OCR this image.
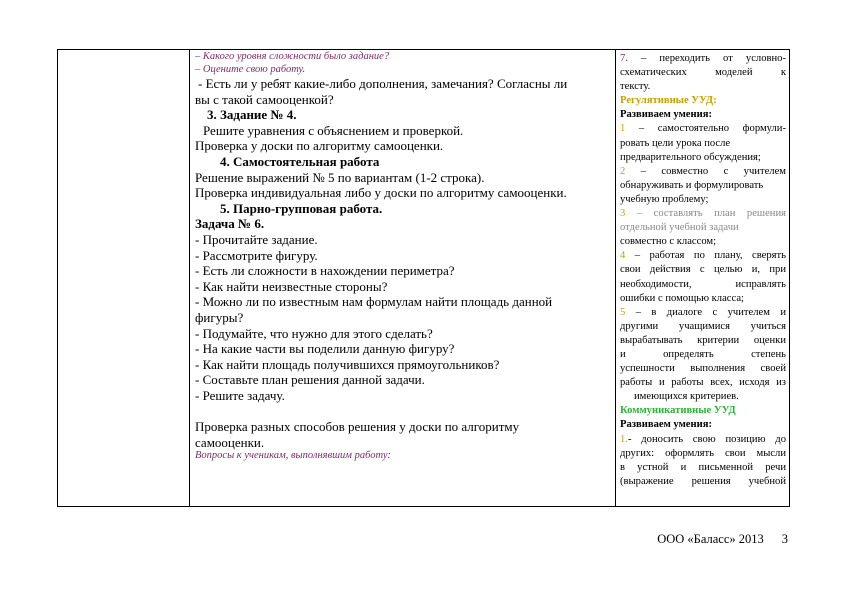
– Какого уровня сложности было задание?
– Оцените свою работу.
- Есть ли у ребят какие-либо дополнения, замечания? Согласны ли
вы с такой самооценкой?
3. Задание № 4.
Решите уравнения с объяснением и проверкой.
Проверка у доски по алгоритму самооценки.
4. Самостоятельная работа
Решение выражений № 5 по вариантам (1-2 строка).
Проверка индивидуальная либо у доски по алгоритму самооценки.
5. Парно-групповая работа.
Задача № 6.
- Прочитайте задание.
- Рассмотрите фигуру.
- Есть ли сложности в нахождении периметра?
- Как найти неизвестные стороны?
- Можно ли по известным нам формулам найти площадь данной
фигуры?
- Подумайте, что нужно для этого сделать?
- На какие части вы поделили данную фигуру?
- Как найти площадь получившихся прямоугольников?
- Составьте план решения данной задачи.
- Решите задачу.
Проверка разных способов решения у доски по алгоритму
самооценки.
Вопросы к ученикам, выполнявшим работу:
7. – переходить от условно-
схематических моделей к
тексту.
Регулятивные УУД:
Развиваем умения:
1 – самостоятельно формули-
ровать цели урока после
предварительного обсуждения;
2 – совместно с учителем
обнаруживать и формулировать
учебную проблему;
3 – составлять план решения
отдельной учебной задачи
совместно с классом;
4 – работая по плану, сверять
свои действия с целью и, при
необходимости, исправлять
ошибки с помощью класса;
5 – в диалоге с учителем и
другими учащимися учиться
вырабатывать критерии оценки
и определять степень
успешности выполнения своей
работы и работы всех, исходя из
имеющихся критериев.
Коммуникативные УУД
Развиваем умения:
1.- доносить свою позицию до
других: оформлять свои мысли
в устной и письменной речи
(выражение решения учебной
ООО «Баласс» 2013 3
